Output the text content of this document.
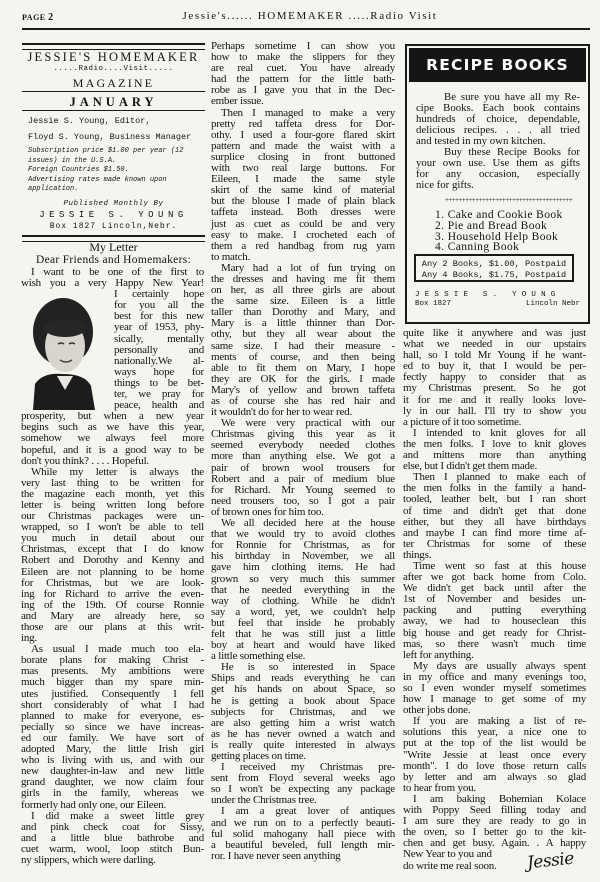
PAGE 2	Jessie's...... HOMEMAKER .....Radio Visit
JESSIE'S HOMEMAKER
.....Radio....Visit.....
MAGAZINE
JANUARY
Jessie S. Young, Editor,
Floyd S. Young, Business Manager
Subscription price $1.00 per year (12 issues) in the U.S.A.
Foreign Countries $1.50.
Advertising rates made known upon application.
Published Monthly By
JESSIE S. YOUNG
Box 1827 Lincoln,Nebr.
My Letter
Dear Friends and Homemakers:
I want to be one of the first to
wish you a very Happy New Year!
I certainly hope
for you all the
best for this new
year of 1953, phy-
sically, mentally
personally and
nationally.We al-
ways hope for
things to be bet-
ter, we pray for
peace, health and
prosperity, but when a new year
begins such as we have this year,
somehow we always feel more
hopeful, and it is a good way to be
don't you think? . . . . Hopeful.
While my letter is always the
very last thing to be written for
the magazine each month, yet this
letter is being written long before
our Christmas packages were un-
wrapped, so I won't be able to tell
you much in detail about our
Christmas, except that I do know
Robert and Dorothy and Kenny and
Eileen are not planning to be home
for Christmas, but we are look-
ing for Richard to arrive the even-
ing of the 19th. Of course Ronnie
and Mary are already here, so
those are our plans at this writ-
ing.
As usual I made much too ela-
borate plans for making Christ -
mas presents. My ambitions were
much bigger than my spare min-
utes justified. Consequently I fell
short considerably of what I had
planned to make for everyone, es-
pecially so since we have increas-
ed our family. We have sort of
adopted Mary, the little Irish girl
who is living with us, and with our
new daughter-in-law and new little
grand daughter, we now claim four
girls in the family, whereas we
formerly had only one, our Eileen.
I did make a sweet little grey
and pink check coat for Sissy,
and a little blue bathrobe and
cuet warm, wool, loop stitch Bun-
ny slippers, which were darling.
Perhaps sometime I can show you
how to make the slippers for they
are real cuet. You have already
had the pattern for the little bath-
robe as I gave you that in the Dec-
ember issue.
Then I managed to make a very
pretty red taffeta dress for Dor-
othy. I used a four-gore flared skirt
pattern and made the waist with a
surplice closing in front buttoned
with two real large buttons. For
Eileen, I made the same style
skirt of the same kind of material
but the blouse I made of plain black
taffeta instead. Both dresses were
just as cuet as could be and very
easy to make. I crocheted each of
them a red handbag from rug yarn
to match.
Mary had a lot of fun trying on
the dresses and having me fit them
on her, as all three girls are about
the same size. Eileen is a little
taller than Dorothy and Mary, and
Mary is a little thinner than Dor-
othy, but they all wear about the
same size. I had their measure -
ments of course, and then being
able to fit them on Mary, I hope
they are OK for the girls. I made
Mary's of yellow and brown taffeta
as of course she has red hair and
it wouldn't do for her to wear red.
We were very practical with our
Christmas giving this year as it
seemed everybody needed clothes
more than anything else. We got a
pair of brown wool trousers for
Robert and a pair of medium blue
for Richard. Mr Young seemed to
need trousers too, so I got a pair
of brown ones for him too.
We all decided here at the house
that we would try to avoid clothes
for Ronnie for Christmas, as for
his birthday in November, we all
gave him clothing items. He had
grown so very much this summer
that he needed everything in the
way of clothing. While he didn't
say a word, yet, we couldn't help
but feel that inside he probably
felt that he was still just a little
boy at heart and would have liked
a little something else.
He is so interested in Space
Ships and reads everything he can
get his hands on about Space, so
he is getting a book about Space
subjects for Christmas, and we
are also getting him a wrist watch
as he has never owned a watch and
is really quite interested in always
getting places on time.
I received my Christmas pre-
sent from Floyd several weeks ago
so I won't be expecting any package
under the Christmas tree.
I am a great lover of antiques
and we run on to a perfectly beauti-
ful solid mahogany hall piece with
a beautiful beveled, full length mir-
ror. I have never seen anything
quite like it anywhere and was just
what we needed in our upstairs
hall, so I told Mr Young if he want-
ed to buy it, that I would be per-
fectly happy to consider that as
my Christmas present. So he got
it for me and it really looks love-
ly in our hall. I'll try to show you
a picture of it too sometime.
I intended to knit gloves for all
the men folks. I love to knit gloves
and mittens more than anything
else, but I didn't get them made.
Then I planned to make each of
the men folks in the family a hand-
tooled, leather belt, but I ran short
of time and didn't get that done
either, but they all have birthdays
and maybe I can find more time af-
ter Christmas for some of these
things.
Time went so fast at this house
after we got back home from Colo.
We didn't get back until after the
1st of November and besides un-
packing and putting everything
away, we had to houseclean this
big house and get ready for Christ-
mas, so there wasn't much time
left for anything.
My days are usually always spent
in my office and many evenings too,
so I even wonder myself sometimes
how I manage to get some of my
other jobs done.
If you are making a list of re-
solutions this year, a nice one to
put at the top of the list would be
"Write Jessie at least once every
month". I do love those return calls
by letter and am always so glad
to hear from you.
I am baking Bohemian Kolace
with Poppy Seed filling today and
I am sure they are ready to go in
the oven, so I better go to the kit-
chen and get busy. Again. . A happy
New Year to you and
do write me real soon.
RECIPE BOOKS
Be sure you have all my Re-
cipe Books. Each book contains
hundreds of choice, dependable,
delicious recipes. . . . all tried
and tested in my own kitchen.
Buy these Recipe Books for
your own use. Use them as gifts
for any occasion, especially
nice for gifts.
++++++++++++++++++++++++++++++++++++++
1. Cake and Cookie Book
2. Pie and Bread Book
3. Household Help Book
4. Canning Book
Any 2 Books, $1.00, Postpaid
Any 4 Books, $1.75, Postpaid
JESSIE S. YOUNG
Box 1827	Lincoln Nebr
Jessie
